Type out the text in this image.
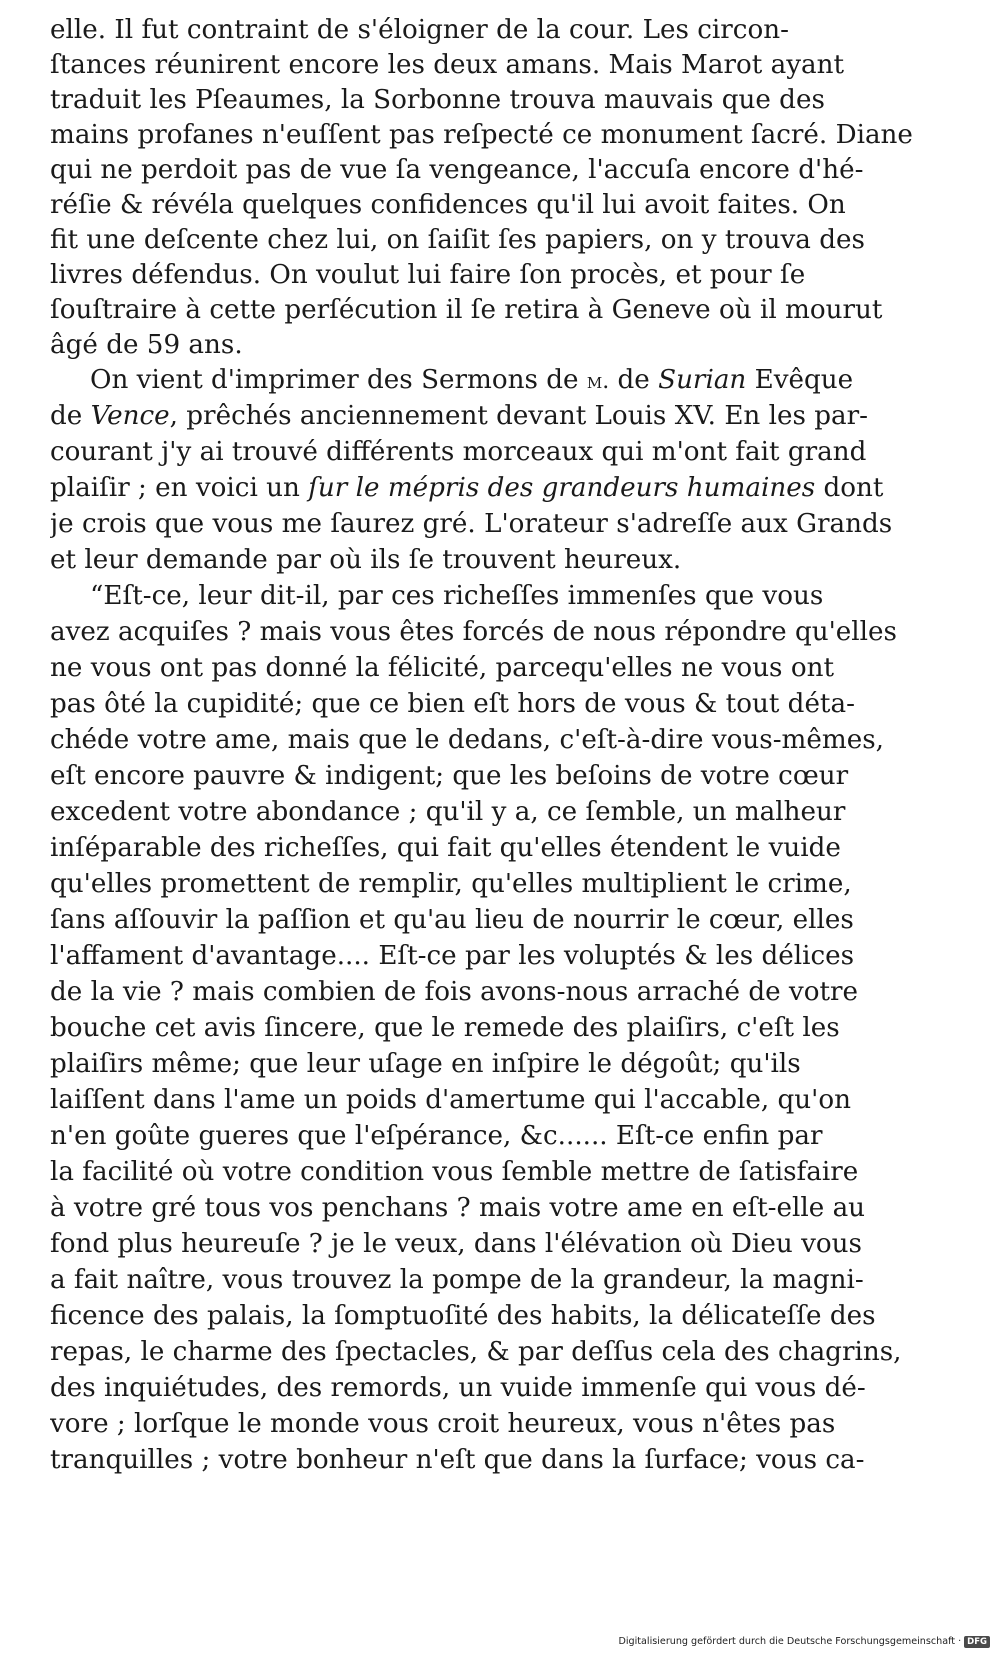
elle. Il fut contraint de s'éloigner de la cour. Les circon-
ſtances réunirent encore les deux amans. Mais Marot ayant
traduit les Pſeaumes, la Sorbonne trouva mauvais que des
mains profanes n'euſſent pas reſpecté ce monument ſacré. Diane
qui ne perdoit pas de vue ſa vengeance, l'accuſa encore d'hé-
réſie & révéla quelques confidences qu'il lui avoit faites. On
fit une deſcente chez lui, on ſaiſit ſes papiers, on y trouva des
livres défendus. On voulut lui faire ſon procès, et pour ſe
ſouſtraire à cette perſécution il ſe retira à Geneve où il mourut
âgé de 59 ans.
On vient d'imprimer des Sermons de m. de Surian Evêque
de Vence, prêchés anciennement devant Louis XV. En les par-
courant j'y ai trouvé différents morceaux qui m'ont fait grand
plaiſir ; en voici un ſur le mépris des grandeurs humaines dont
je crois que vous me ſaurez gré. L'orateur s'adreſſe aux Grands
et leur demande par où ils ſe trouvent heureux.
“Eſt-ce, leur dit-il, par ces richeſſes immenſes que vous
avez acquiſes ? mais vous êtes forcés de nous répondre qu'elles
ne vous ont pas donné la félicité, parcequ'elles ne vous ont
pas ôté la cupidité; que ce bien eſt hors de vous & tout déta-
chéde votre ame, mais que le dedans, c'eſt-à-dire vous-mêmes,
eſt encore pauvre & indigent; que les beſoins de votre cœur
excedent votre abondance ; qu'il y a, ce ſemble, un malheur
inſéparable des richeſſes, qui fait qu'elles étendent le vuide
qu'elles promettent de remplir, qu'elles multiplient le crime,
ſans aſſouvir la paſſion et qu'au lieu de nourrir le cœur, elles
l'affament d'avantage.... Eſt-ce par les voluptés & les délices
de la vie ? mais combien de fois avons-nous arraché de votre
bouche cet avis ſincere, que le remede des plaiſirs, c'eſt les
plaiſirs même; que leur uſage en inſpire le dégoût; qu'ils
laiſſent dans l'ame un poids d'amertume qui l'accable, qu'on
n'en goûte gueres que l'eſpérance, &c...... Eſt-ce enfin par
la facilité où votre condition vous ſemble mettre de ſatisfaire
à votre gré tous vos penchans ? mais votre ame en eſt-elle au
fond plus heureuſe ? je le veux, dans l'élévation où Dieu vous
a fait naître, vous trouvez la pompe de la grandeur, la magni-
ficence des palais, la ſomptuoſité des habits, la délicateſſe des
repas, le charme des ſpectacles, & par deſſus cela des chagrins,
des inquiétudes, des remords, un vuide immenſe qui vous dé-
vore ; lorſque le monde vous croit heureux, vous n'êtes pas
tranquilles ; votre bonheur n'eſt que dans la ſurface; vous ca-
Digitalisierung gefördert durch die Deutsche Forschungsgemeinschaft · DFG
